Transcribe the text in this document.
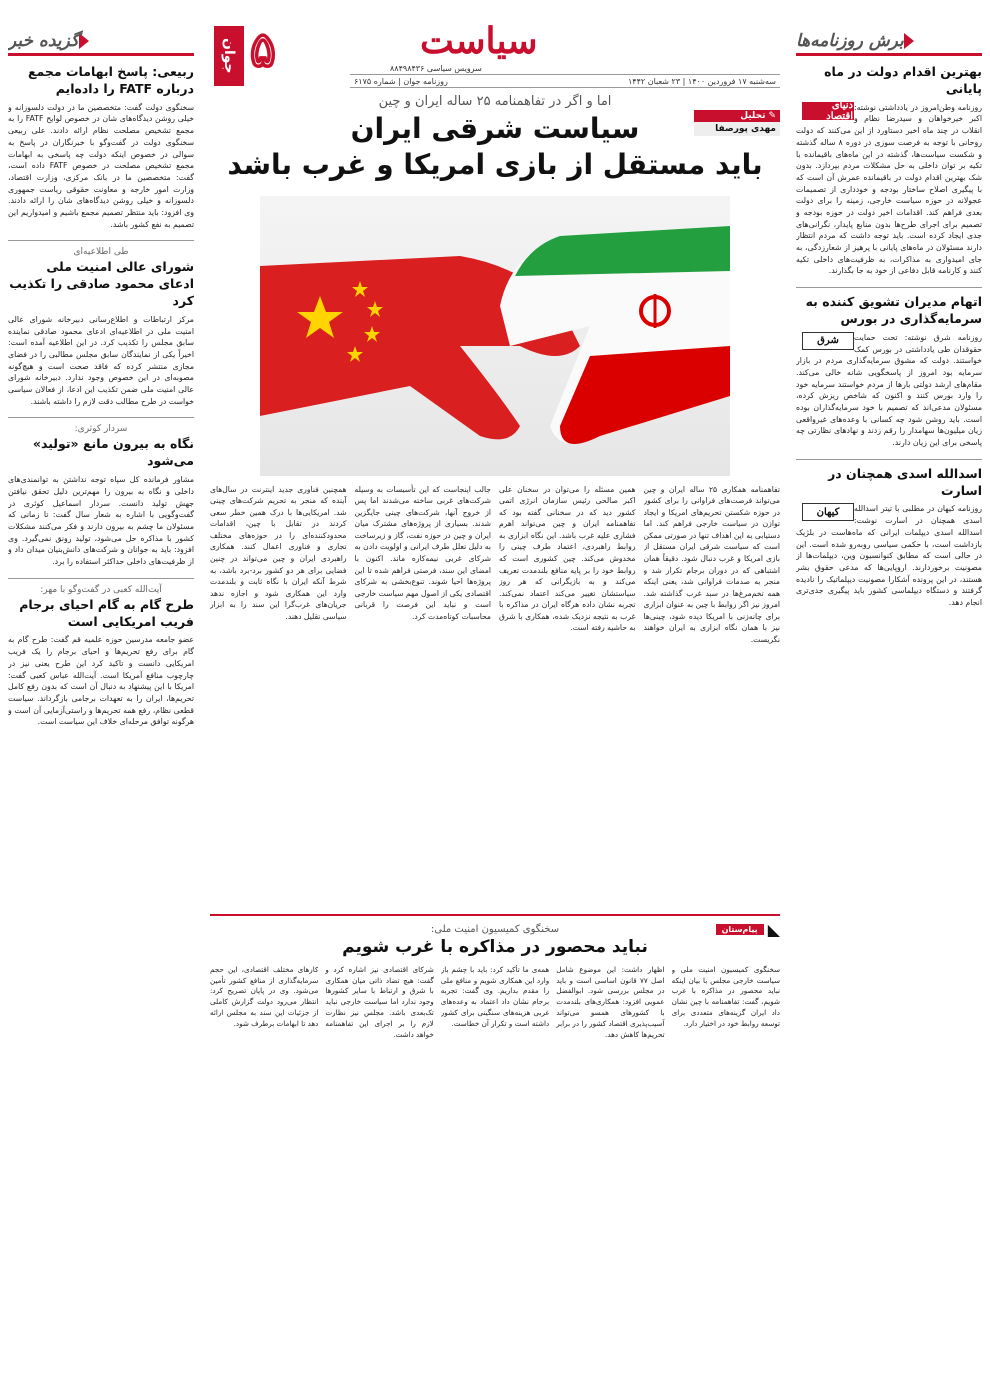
برش روزنامه‌ها
بهترین اقدام دولت در ماه پایانی
دنیای اقتصاد

روزنامه وطن‌امروز در یادداشتی نوشته: اکبر خیرخواهان و سیدرضا نظام و انقلاب در چند ماه اخیر دستاورد از این می‌کنند که دولت روحانی با توجه به فرصت سوزی در دوره ۸ ساله گذشته و شکست سیاست‌ها، گذشته در این ماه‌های باقیمانده با تکیه بر توان داخلی به حل مشکلات مردم بپردازد. بدون شک بهترین اقدام دولت در باقیمانده عمرش آن است که با پیگیری اصلاح ساختار بودجه و خودداری از تصمیمات عجولانه در حوزه سیاست خارجی، زمینه را برای دولت بعدی فراهم کند. اقدامات اخیر دولت در حوزه بودجه و تصمیم برای اجرای طرح‌ها بدون منابع پایدار، نگرانی‌های جدی ایجاد کرده است. باید توجه داشت که مردم انتظار دارند مسئولان در ماه‌های پایانی با پرهیز از شعارزدگی، به جای امیدواری به مذاکرات، به ظرفیت‌های داخلی تکیه کنند و کارنامه قابل دفاعی از خود به جا بگذارند.

اتهام مدیران تشویق کننده به سرمایه‌گذاری در بورس
شرق	روزنامه شرق نوشته: تحت حمایت حقوقدان طی یادداشتی در بورس کمک خواستند. دولت که مشوق سرمایه‌گذاری مردم در بازار سرمایه بود امروز از پاسخگویی شانه خالی می‌کند. مقام‌های ارشد دولتی بارها از مردم خواستند سرمایه خود را وارد بورس کنند و اکنون که شاخص ریزش کرده، مسئولان مدعی‌اند که تصمیم با خود سرمایه‌گذاران بوده است. باید روشن شود چه کسانی با وعده‌های غیرواقعی زیان میلیون‌ها سهامدار را رقم زدند و نهادهای نظارتی چه پاسخی برای این زیان دارند.

اسدالله اسدی همچنان در اسارت
کیهان	روزنامه کیهان در مطلبی با تیتر اسدالله اسدی همچنان در اسارت نوشت: اسدالله اسدی دیپلمات ایرانی که ماه‌هاست در بلژیک بازداشت است، با حکمی سیاسی روبه‌رو شده است. این در حالی است که مطابق کنوانسیون وین، دیپلمات‌ها از مصونیت برخوردارند. اروپایی‌ها که مدعی حقوق بشر هستند، در این پرونده آشکارا مصونیت دیپلماتیک را نادیده گرفتند و دستگاه دیپلماسی کشور باید پیگیری جدی‌تری انجام دهد.

گزیده خبر
ربیعی: پاسخ ابهامات مجمع درباره FATF را داده‌ایم

سخنگوی دولت گفت: متخصصین ما در دولت دلسوزانه و خیلی روشن دیدگاه‌های شان در خصوص لوایح FATF را به مجمع تشخیص مصلحت نظام ارائه دادند. علی ربیعی سخنگوی دولت در گفت‌وگو با خبرنگاران در پاسخ به سوالی در خصوص اینکه دولت چه پاسخی به ابهامات مجمع تشخیص مصلحت در خصوص FATF داده است، گفت: متخصصین ما در بانک مرکزی، وزارت اقتصاد، وزارت امور خارجه و معاونت حقوقی ریاست جمهوری دلسوزانه و خیلی روشن دیدگاه‌های شان را ارائه دادند. وی افزود: باید منتظر تصمیم مجمع باشیم و امیدواریم این تصمیم به نفع کشور باشد.

طی اطلاعیه‌ای
شورای عالی امنیت ملی ادعای محمود صادقی را تکذیب کرد

مرکز ارتباطات و اطلاع‌رسانی دبیرخانه شورای عالی امنیت ملی در اطلاعیه‌ای ادعای محمود صادقی نماینده سابق مجلس را تکذیب کرد. در این اطلاعیه آمده است: اخیراً یکی از نمایندگان سابق مجلس مطالبی را در فضای مجازی منتشر کرده که فاقد صحت است و هیچ‌گونه مصوبه‌ای در این خصوص وجود ندارد. دبیرخانه شورای عالی امنیت ملی ضمن تکذیب این ادعا، از فعالان سیاسی خواست در طرح مطالب دقت لازم را داشته باشند.

سردار کوثری:
نگاه به بیرون مانع «تولید» می‌شود

مشاور فرمانده کل سپاه توجه نداشتن به توانمندی‌های داخلی و نگاه به بیرون را مهم‌ترین دلیل تحقق نیافتن جهش تولید دانست. سردار اسماعیل کوثری در گفت‌وگویی با اشاره به شعار سال گفت: تا زمانی که مسئولان ما چشم به بیرون دارند و فکر می‌کنند مشکلات کشور با مذاکره حل می‌شود، تولید رونق نمی‌گیرد. وی افزود: باید به جوانان و شرکت‌های دانش‌بنیان میدان داد و از ظرفیت‌های داخلی حداکثر استفاده را برد.

آیت‌الله کعبی در گفت‌وگو با مهر:
طرح گام به گام احیای برجام فریب امریکایی است

عضو جامعه مدرسین حوزه علمیه قم گفت: طرح گام به گام برای رفع تحریم‌ها و احیای برجام را یک فریب امریکایی دانست و تاکید کرد این طرح یعنی نیز در چارچوب منافع آمریکا است. آیت‌الله عباس کعبی گفت: امریکا با این پیشنهاد به دنبال آن است که بدون رفع کامل تحریم‌ها، ایران را به تعهدات برجامی بازگرداند. سیاست قطعی نظام، رفع همه تحریم‌ها و راستی‌آزمایی آن است و هرگونه توافق مرحله‌ای خلاف این سیاست است.

جوان ۵	سیاست
سرویس سیاسی ۸۸۴۹۸۴۳۶
سه‌شنبه ۱۷ فروردین ۱۴۰۰ | ۲۳ شعبان ۱۴۴۲
روزنامه جوان | شماره ۶۱۷۵
✎
تحلیل
مهدی پورصفا
اما و اگر در تفاهمنامه ۲۵ ساله ایران و چین
سیاست شرقی ایران
باید مستقل از بازی امریکا و غرب باشد
تفاهمنامه همکاری ۲۵ ساله ایران و چین می‌تواند فرصت‌های فراوانی را برای کشور در حوزه شکستن تحریم‌های امریکا و ایجاد توازن در سیاست خارجی فراهم کند. اما دستیابی به این اهداف تنها در صورتی ممکن است که سیاست شرقی ایران مستقل از بازی امریکا و غرب دنبال شود. دقیقاً همان اشتباهی که در دوران برجام تکرار شد و منجر به صدمات فراوانی شد، یعنی اینکه همه تخم‌مرغ‌ها در سبد غرب گذاشته شد. امروز نیز اگر روابط با چین به عنوان ابزاری برای چانه‌زنی با امریکا دیده شود، چینی‌ها نیز با همان نگاه ابزاری به ایران خواهند نگریست.
همین مسئله را می‌توان در سخنان علی اکبر صالحی رئیس سازمان انرژی اتمی کشور دید که در سخنانی گفته بود که تفاهمنامه ایران و چین می‌تواند اهرم فشاری علیه غرب باشد. این نگاه ابزاری به روابط راهبردی، اعتماد طرف چینی را مخدوش می‌کند. چین کشوری است که روابط خود را بر پایه منافع بلندمدت تعریف می‌کند و به بازیگرانی که هر روز سیاستشان تغییر می‌کند اعتماد نمی‌کند. تجربه نشان داده هرگاه ایران در مذاکره با غرب به نتیجه نزدیک شده، همکاری با شرق به حاشیه رفته است.
جالب اینجاست که این تأسیسات به وسیله شرکت‌های غربی ساخته می‌شدند اما پس از خروج آنها، شرکت‌های چینی جایگزین شدند. بسیاری از پروژه‌های مشترک میان ایران و چین در حوزه نفت، گاز و زیرساخت به دلیل تعلل طرف ایرانی و اولویت دادن به شرکای غربی نیمه‌کاره ماند. اکنون با امضای این سند، فرصتی فراهم شده تا این پروژه‌ها احیا شوند. تنوع‌بخشی به شرکای اقتصادی یکی از اصول مهم سیاست خارجی است و نباید این فرصت را قربانی محاسبات کوتاه‌مدت کرد.
همچنین فناوری جدید اینترنت در سال‌های آینده که منجر به تحریم شرکت‌های چینی شد. امریکایی‌ها با درک همین خطر سعی کردند در تقابل با چین، اقدامات محدودکننده‌ای را در حوزه‌های مختلف تجاری و فناوری اعمال کنند. همکاری راهبردی ایران و چین می‌تواند در چنین فضایی برای هر دو کشور برد-برد باشد، به شرط آنکه ایران با نگاه ثابت و بلندمدت وارد این همکاری شود و اجازه ندهد جریان‌های غرب‌گرا این سند را به ابزار سیاسی تقلیل دهند.
◣
پیام‌ستان
سخنگوی کمیسیون امنیت ملی:
نباید محصور در مذاکره با غرب شویم
سخنگوی کمیسیون امنیت ملی و سیاست خارجی مجلس با بیان اینکه نباید محصور در مذاکره با غرب شویم، گفت: تفاهمنامه با چین نشان داد ایران گزینه‌های متعددی برای توسعه روابط خود در اختیار دارد.
اظهار داشت: این موضوع شامل اصل ۷۷ قانون اساسی است و باید در مجلس بررسی شود. ابوالفضل عمویی افزود: همکاری‌های بلندمدت با کشورهای همسو می‌تواند آسیب‌پذیری اقتصاد کشور را در برابر تحریم‌ها کاهش دهد.
همه‌ی ما تأکید کرد: باید با چشم باز وارد این همکاری شویم و منافع ملی را مقدم بداریم. وی گفت: تجربه برجام نشان داد اعتماد به وعده‌های غربی هزینه‌های سنگینی برای کشور داشته است و تکرار آن خطاست.
شرکای اقتصادی نیز اشاره کرد و گفت: هیچ تضاد ذاتی میان همکاری با شرق و ارتباط با سایر کشورها وجود ندارد اما سیاست خارجی نباید تک‌بعدی باشد. مجلس نیز نظارت لازم را بر اجرای این تفاهمنامه خواهد داشت.
کارهای مختلف اقتصادی، این حجم سرمایه‌گذاری از منافع کشور تأمین می‌شود. وی در پایان تصریح کرد: انتظار می‌رود دولت گزارش کاملی از جزئیات این سند به مجلس ارائه دهد تا ابهامات برطرف شود.
